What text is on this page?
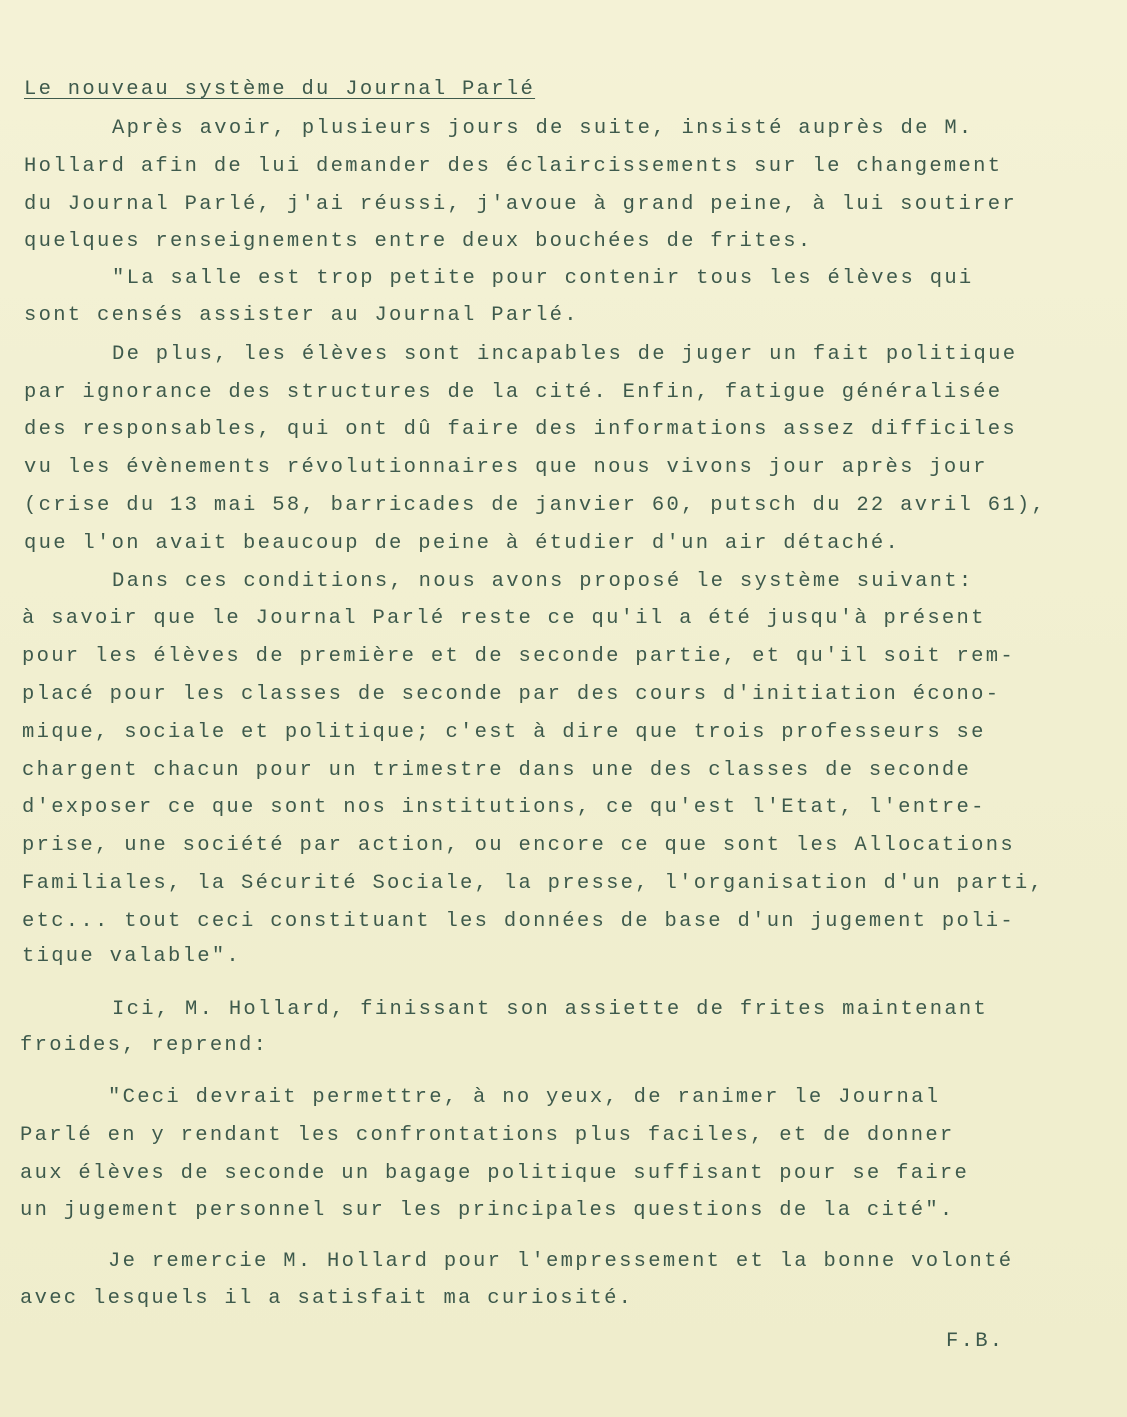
Le nouveau système du Journal Parlé
Après avoir, plusieurs jours de suite, insisté auprès de M.
Hollard afin de lui demander des éclaircissements sur le changement
du Journal Parlé, j'ai réussi, j'avoue à grand peine, à lui soutirer
quelques renseignements entre deux bouchées de frites.
"La salle est trop petite pour contenir tous les élèves qui
sont censés assister au Journal Parlé.
De plus, les élèves sont incapables de juger un fait politique
par ignorance des structures de la cité. Enfin, fatigue généralisée
des responsables, qui ont dû faire des informations assez difficiles
vu les évènements révolutionnaires que nous vivons jour après jour
(crise du 13 mai 58, barricades de janvier 60, putsch du 22 avril 61),
que l'on avait beaucoup de peine à étudier d'un air détaché.
Dans ces conditions, nous avons proposé le système suivant:
à savoir que le Journal Parlé reste ce qu'il a été jusqu'à présent
pour les élèves de première et de seconde partie, et qu'il soit rem-
placé pour les classes de seconde par des cours d'initiation écono-
mique, sociale et politique; c'est à dire que trois professeurs se
chargent chacun pour un trimestre dans une des classes de seconde
d'exposer ce que sont nos institutions, ce qu'est l'Etat, l'entre-
prise, une société par action, ou encore ce que sont les Allocations
Familiales, la Sécurité Sociale, la presse, l'organisation d'un parti,
etc... tout ceci constituant les données de base d'un jugement poli-
tique valable".
Ici, M. Hollard, finissant son assiette de frites maintenant
froides, reprend:
"Ceci devrait permettre, à no yeux, de ranimer le Journal
Parlé en y rendant les confrontations plus faciles, et de donner
aux élèves de seconde un bagage politique suffisant pour se faire
un jugement personnel sur les principales questions de la cité".
Je remercie M. Hollard pour l'empressement et la bonne volonté
avec lesquels il a satisfait ma curiosité.
F.B.
